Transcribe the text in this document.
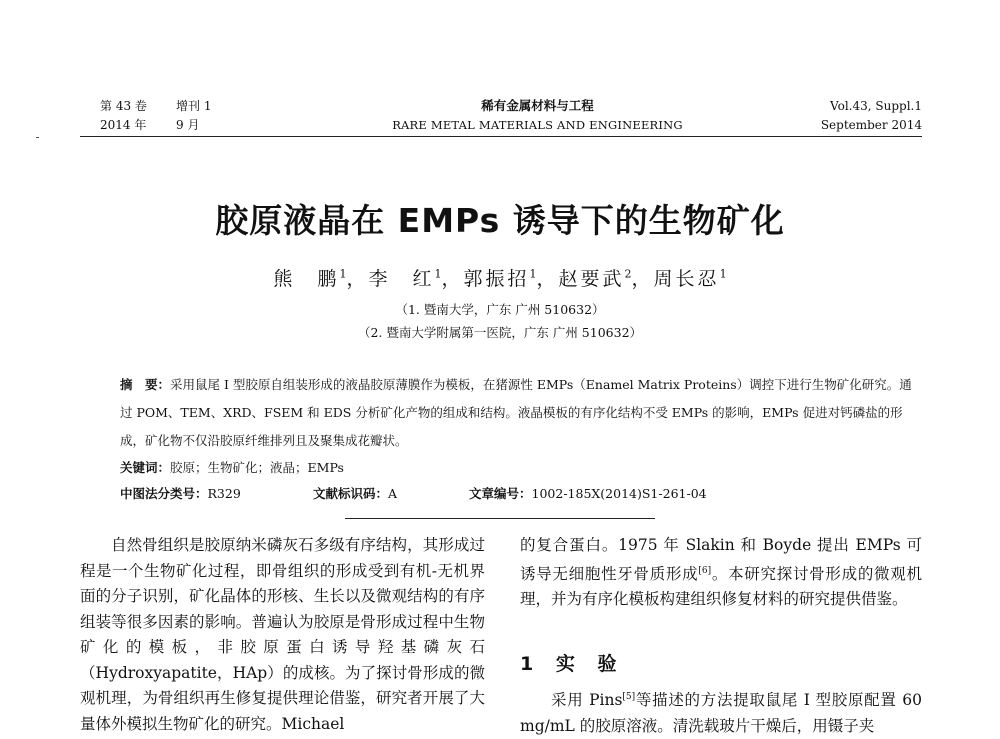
第 43 卷
2014 年
增刊 1
9 月
稀有金属材料与工程
RARE METAL MATERIALS AND ENGINEERING
Vol.43, Suppl.1
September 2014
胶原液晶在 EMPs 诱导下的生物矿化
熊　鹏$^1$，李　红$^1$，郭振招$^1$，赵要武$^2$，周长忍$^1$
（1. 暨南大学，广东 广州 510632）
（2. 暨南大学附属第一医院，广东 广州 510632）
摘　要：采用鼠尾 I 型胶原自组装形成的液晶胶原薄膜作为模板，在猪源性 EMPs（Enamel Matrix Proteins）调控下进行生物矿化研究。通过 POM、TEM、XRD、FSEM 和 EDS 分析矿化产物的组成和结构。液晶模板的有序化结构不受 EMPs 的影响，EMPs 促进对钙磷盐的形成，矿化物不仅沿胶原纤维排列且及聚集成花瓣状。
关键词：胶原；生物矿化；液晶；EMPs
中图法分类号：R329	文献标识码：A	文章编号：1002-185X(2014)S1-261-04

自然骨组织是胶原纳米磷灰石多级有序结构，其形成过程是一个生物矿化过程，即骨组织的形成受到有机-无机界面的分子识别，矿化晶体的形核、生长以及微观结构的有序组装等很多因素的影响。普遍认为胶原是骨形成过程中生物矿化的模板，非胶原蛋白诱导羟基磷灰石（Hydroxyapatite，HAp）的成核。为了探讨骨形成的微观机理，为骨组织再生修复提供理论借鉴，研究者开展了大量体外模拟生物矿化的研究。Michael

的复合蛋白。1975 年 Slakin 和 Boyde 提出 EMPs 可诱导无细胞性牙骨质形成[6]。本研究探讨骨形成的微观机理，并为有序化模板构建组织修复材料的研究提供借鉴。

1 实 验

采用 Pins[5]等描述的方法提取鼠尾 I 型胶原配置 60 mg/mL 的胶原溶液。清洗载玻片干燥后，用镊子夹
